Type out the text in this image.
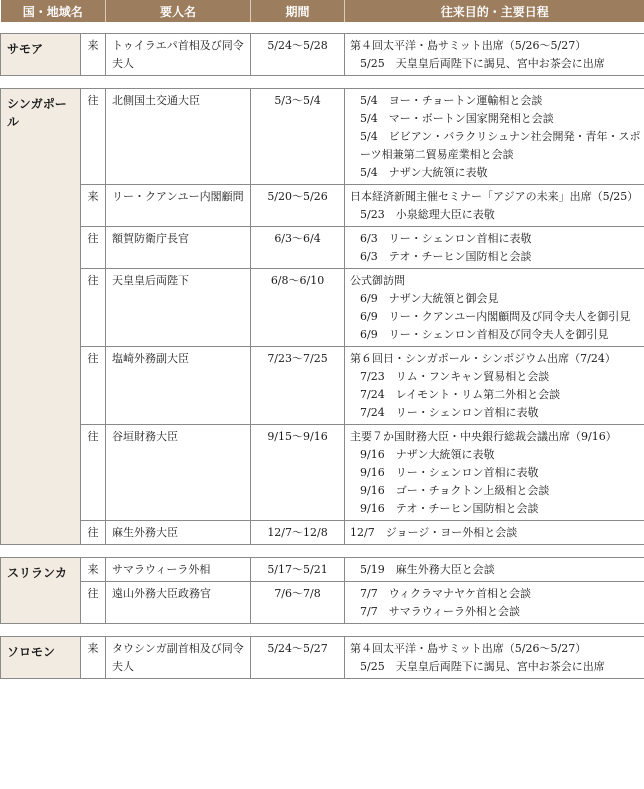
国・地域名		要人名	期間	往来目的・主要日程

サモア	来	トゥイラエパ首相及び同令夫人	5/24～5/28	第４回太平洋・島サミット出席（5/26～5/27）
5/25　天皇皇后両陛下に謁見、宮中お茶会に出席

シンガポール	往	北側国土交通大臣	5/3～5/4	5/4　ヨー・チョートン運輸相と会談
5/4　マー・ボートン国家開発相と会談
5/4　ビビアン・バラクリシュナン社会開発・青年・スポーツ相兼第二貿易産業相と会談
5/4　ナザン大統領に表敬

	来	リー・クアンユー内閣顧問	5/20～5/26	日本経済新聞主催セミナー「アジアの未来」出席（5/25）
5/23　小泉総理大臣に表敬

	往	額賀防衛庁長官	6/3～6/4	6/3　リー・シェンロン首相に表敬
6/3　テオ・チーヒン国防相と会談

	往	天皇皇后両陛下	6/8～6/10	公式御訪問
6/9　ナザン大統領と御会見
6/9　リー・クアンユー内閣顧問及び同令夫人を御引見
6/9　リー・シェンロン首相及び同令夫人を御引見

	往	塩崎外務副大臣	7/23～7/25	第６回日・シンガポール・シンポジウム出席（7/24）
7/23　リム・フンキャン貿易相と会談
7/24　レイモント・リム第二外相と会談
7/24　リー・シェンロン首相に表敬

	往	谷垣財務大臣	9/15～9/16	主要７か国財務大臣・中央銀行総裁会議出席（9/16）
9/16　ナザン大統領に表敬
9/16　リー・シェンロン首相に表敬
9/16　ゴー・チョクトン上級相と会談
9/16　テオ・チーヒン国防相と会談

	往	麻生外務大臣	12/7～12/8	12/7　ジョージ・ヨー外相と会談

スリランカ	来	サマラウィーラ外相	5/17～5/21	5/19　麻生外務大臣と会談

	往	遠山外務大臣政務官	7/6～7/8	7/7　ウィクラマナヤケ首相と会談
7/7　サマラウィーラ外相と会談

ソロモン	来	タウシンガ副首相及び同令夫人	5/24～5/27	第４回太平洋・島サミット出席（5/26～5/27）
5/25　天皇皇后両陛下に謁見、宮中お茶会に出席
